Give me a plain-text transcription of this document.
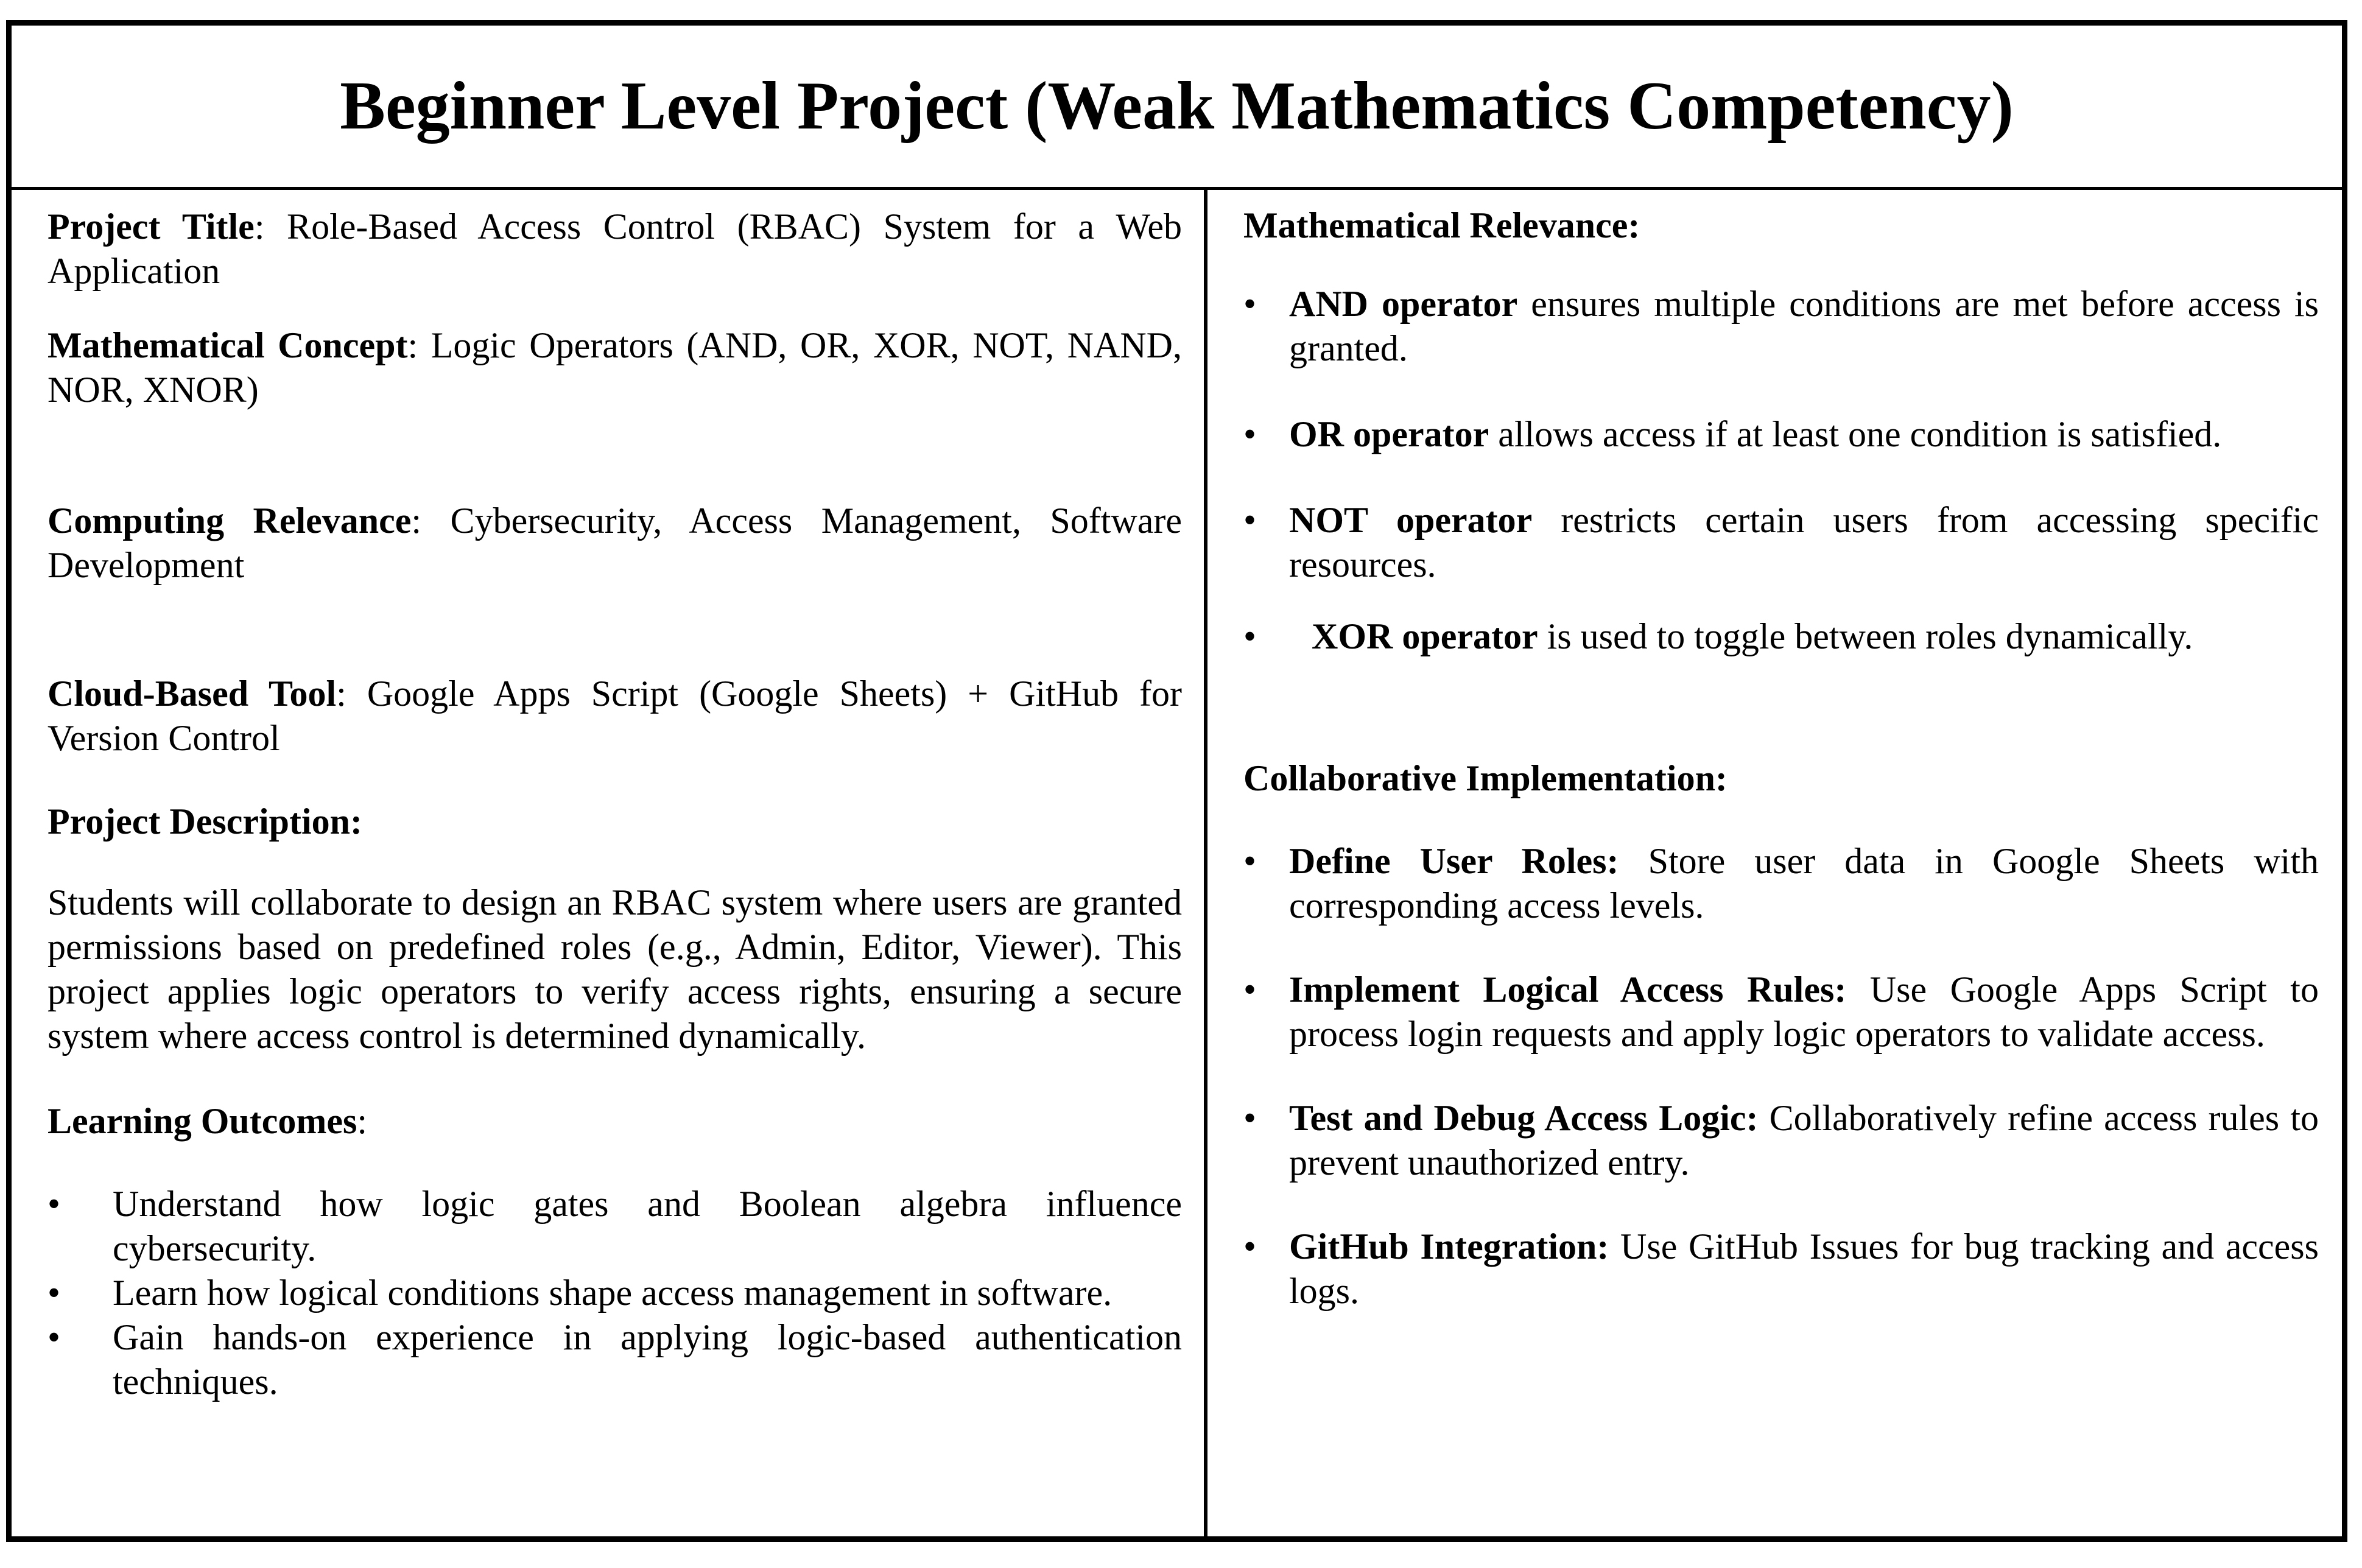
Beginner Level Project (Weak Mathematics Competency)

Project Title: Role-Based Access Control (RBAC) System for a Web Application

Mathematical Concept: Logic Operators (AND, OR, XOR, NOT, NAND, NOR, XNOR)

Computing Relevance: Cybersecurity, Access Management, Software Development

Cloud-Based Tool: Google Apps Script (Google Sheets) + GitHub for Version Control

Project Description:

Students will collaborate to design an RBAC system where users are granted permissions based on predefined roles (e.g., Admin, Editor, Viewer). This project applies logic operators to verify access rights, ensuring a secure system where access control is determined dynamically.

Learning Outcomes:

• Understand how logic gates and Boolean algebra influence cybersecurity.
• Learn how logical conditions shape access management in software.
• Gain hands-on experience in applying logic-based authentication techniques.

Mathematical Relevance:

• AND operator ensures multiple conditions are met before access is granted.
• OR operator allows access if at least one condition is satisfied.
• NOT operator restricts certain users from accessing specific resources.
• XOR operator is used to toggle between roles dynamically.

Collaborative Implementation:

• Define User Roles: Store user data in Google Sheets with corresponding access levels.
• Implement Logical Access Rules: Use Google Apps Script to process login requests and apply logic operators to validate access.
• Test and Debug Access Logic: Collaboratively refine access rules to prevent unauthorized entry.
• GitHub Integration: Use GitHub Issues for bug tracking and access logs.
